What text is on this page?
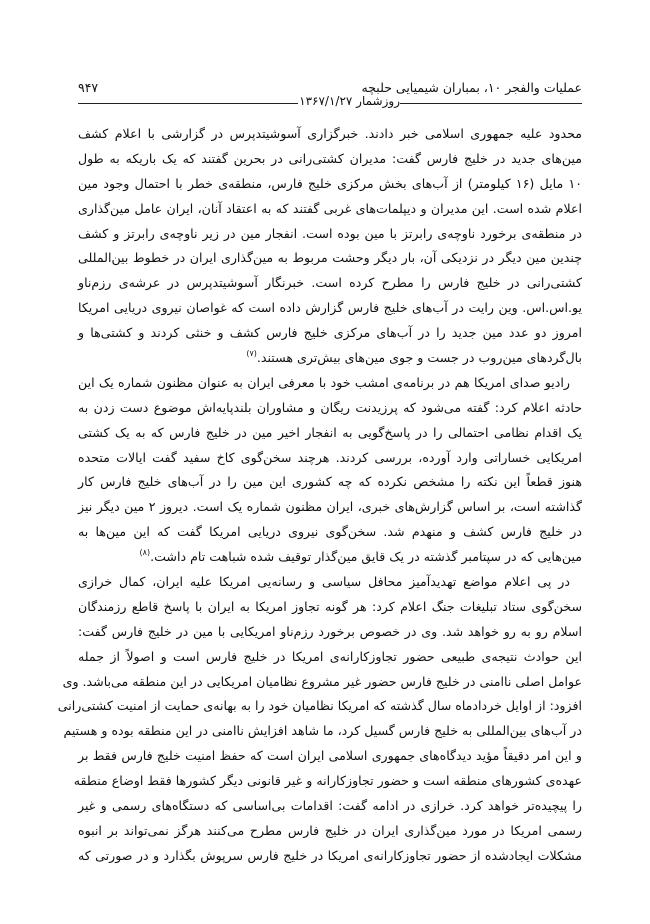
عملیات والفجر ۱۰، بمباران شیمیایی حلبچه
۹۴۷
روزشمار ۱۳۶۷/۱/۲۷
محدود علیه جمهوری اسلامی خبر دادند. خبرگزاری آسوشیتدپرس در گزارشی با اعلام کشف
مین‌های جدید در خلیج فارس گفت: مدیران کشتی‌رانی در بحرین گفتند که یک باریکه به طول
۱۰ مایل (۱۶ کیلومتر) از آب‌های بخش مرکزی خلیج فارس، منطقه‌ی خطر با احتمال وجود مین
اعلام شده است. این مدیران و دیپلمات‌های غربی گفتند که به اعتقاد آنان، ایران عامل مین‌گذاری
در منطقه‌ی برخورد ناوچه‌ی رابرتز با مین بوده است. انفجار مین در زیر ناوچه‌ی رابرتز و کشف
چندین مین دیگر در نزدیکی آن، بار دیگر وحشت مربوط به مین‌گذاری ایران در خطوط بین‌المللی
کشتی‌رانی در خلیج فارس را مطرح کرده است. خبرنگار آسوشیتدپرس در عرشه‌ی رزم‌ناو
یو.اس.اس. وین رایت در آب‌های خلیج فارس گزارش داده است که غواصان نیروی دریایی امریکا
امروز دو عدد مین جدید را در آب‌های مرکزی خلیج فارس کشف و خنثی کردند و کشتی‌ها و
بال‌گردهای مین‌روب در جست و جوی مین‌های بیش‌تری هستند.$^{(۷)}$
رادیو صدای امریکا هم در برنامه‌ی امشب خود با معرفی ایران به عنوان مظنون شماره یک این
حادثه اعلام کرد: گفته می‌شود که پرزیدنت ریگان و مشاوران بلندپایه‌اش موضوع دست زدن به
یک اقدام نظامی احتمالی را در پاسخ‌گویی به انفجار اخیر مین در خلیج فارس که به یک کشتی
امریکایی خساراتی وارد آورده، بررسی کردند. هرچند سخن‌گوی کاخ سفید گفت ایالات متحده
هنوز قطعاً این نکته را مشخص نکرده که چه کشوری این مین را در آب‌های خلیج فارس کار
گذاشته است، بر اساس گزارش‌های خبری، ایران مظنون شماره یک است. دیروز ۲ مین دیگر نیز
در خلیج فارس کشف و منهدم شد. سخن‌گوی نیروی دریایی امریکا گفت که این مین‌ها به
مین‌هایی که در سپتامبر گذشته در یک قایق مین‌گذار توقیف شده شباهت تام داشت.$^{(۸)}$
در پی اعلام مواضع تهدیدآمیز محافل سیاسی و رسانه‌یی امریکا علیه ایران، کمال خرازی
سخن‌گوی ستاد تبلیغات جنگ اعلام کرد: هر گونه تجاوز امریکا به ایران با پاسخ قاطع رزمندگان
اسلام رو به رو خواهد شد. وی در خصوص برخورد رزم‌ناو امریکایی با مین در خلیج فارس گفت:
این حوادث نتیجه‌ی طبیعی حضور تجاوزکارانه‌ی امریکا در خلیج فارس است و اصولاً از جمله
عوامل اصلی ناامنی در خلیج فارس حضور غیر مشروع نظامیان امریکایی در این منطقه می‌باشد. وی
افزود: از اوایل خردادماه سال گذشته که امریکا نظامیان خود را به بهانه‌ی حمایت از امنیت کشتی‌رانی
در آب‌های بین‌المللی به خلیج فارس گسیل کرد، ما شاهد افزایش ناامنی در این منطقه بوده و هستیم
و این امر دقیقاً مؤید دیدگاه‌های جمهوری اسلامی ایران است که حفظ امنیت خلیج فارس فقط بر
عهده‌ی کشورهای منطقه است و حضور تجاوزکارانه و غیر قانونی دیگر کشورها فقط اوضاع منطقه
را پیچیده‌تر خواهد کرد. خرازی در ادامه گفت: اقدامات بی‌اساسی که دستگاه‌های رسمی و غیر
رسمی امریکا در مورد مین‌گذاری ایران در خلیج فارس مطرح می‌کنند هرگز نمی‌تواند بر انبوه
مشکلات ایجادشده از حضور تجاوزکارانه‌ی امریکا در خلیج فارس سرپوش بگذارد و در صورتی که
